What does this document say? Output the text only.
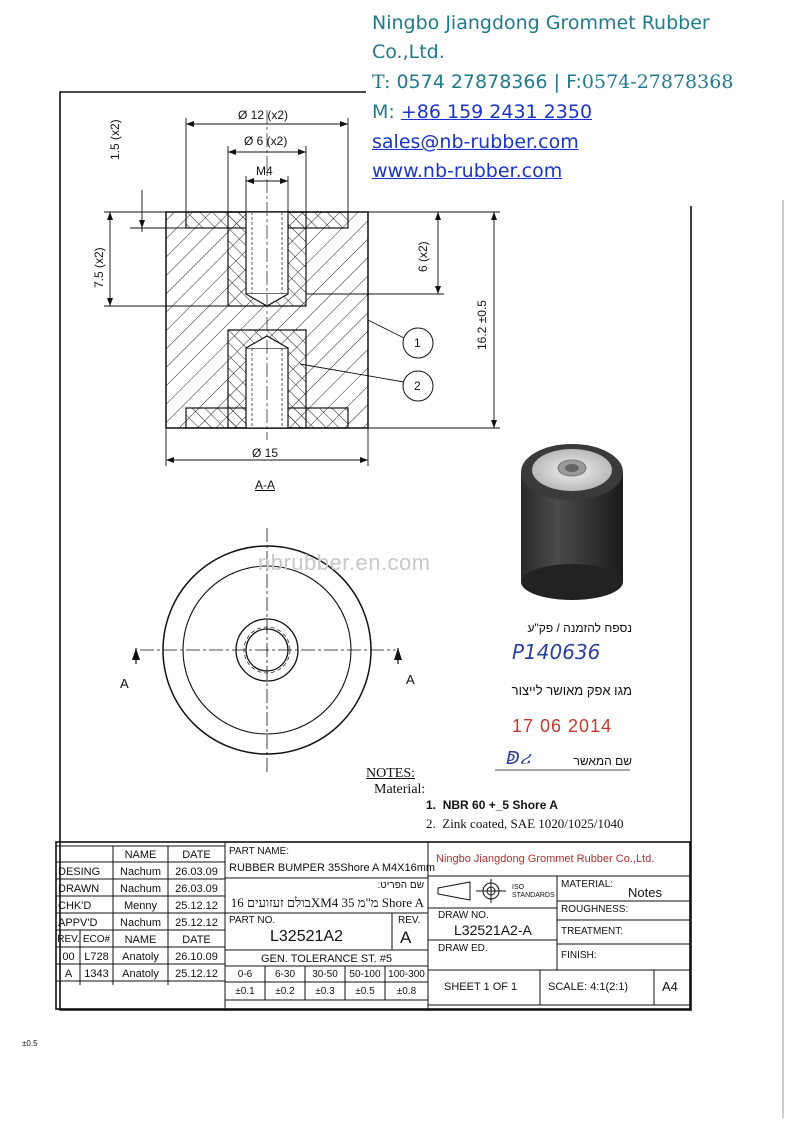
Ningbo Jiangdong Grommet Rubber
Co.,Ltd.
T: 0574 27878366 | F:0574-27878368
M: +86 159 2431 2350
sales@nb-rubber.com
www.nb-rubber.com
nbrubber.en.com
Ø 12 (x2)
Ø 6 (x2)
M4
1.5 (x2)
7.5 (x2)	6 (x2)
16.2 ±0.5
Ø 15
A-A
1
2
A	A
נספח להזמנה / פק"ע
P140636
מגו אפק מאושר לייצור
17 06 2014
ↁሪ	שם המאשר
NOTES:
Material:
1.  NBR 60 +_5 Shore A
2.  Zink coated, SAE 1020/1025/1040
NAME	DATE
DESING	Nachum	26.03.09
DRAWN	Nachum	26.03.09
CHK'D	Menny	25.12.12
APPV'D	Nachum	25.12.12
REV. ECO#	NAME	DATE
00 L728	Anatoly	26.10.09
A	1343	Anatoly	25.12.12
PART NAME:
RUBBER BUMPER 35Shore A M4X16mm
שם הפריט:
בולם זעזועים 16XM4 מ"מ 35 Shore A
PART NO.
L32521A2
REV.
A
GEN. TOLERANCE ST. #5
0-6	6-30	30-50	50-100 100-300
±0.1	±0.2	±0.3	±0.5	±0.8
Ningbo Jiangdong Grommet Rubber Co.,Ltd.
ISO STANDARDS
MATERIAL:
Notes
ROUGHNESS:
TREATMENT:
FINISH:
DRAW NO.
L32521A2-A
DRAW ED.
SHEET 1 OF 1	SCALE: 4:1(2:1)	A4
±0.5
